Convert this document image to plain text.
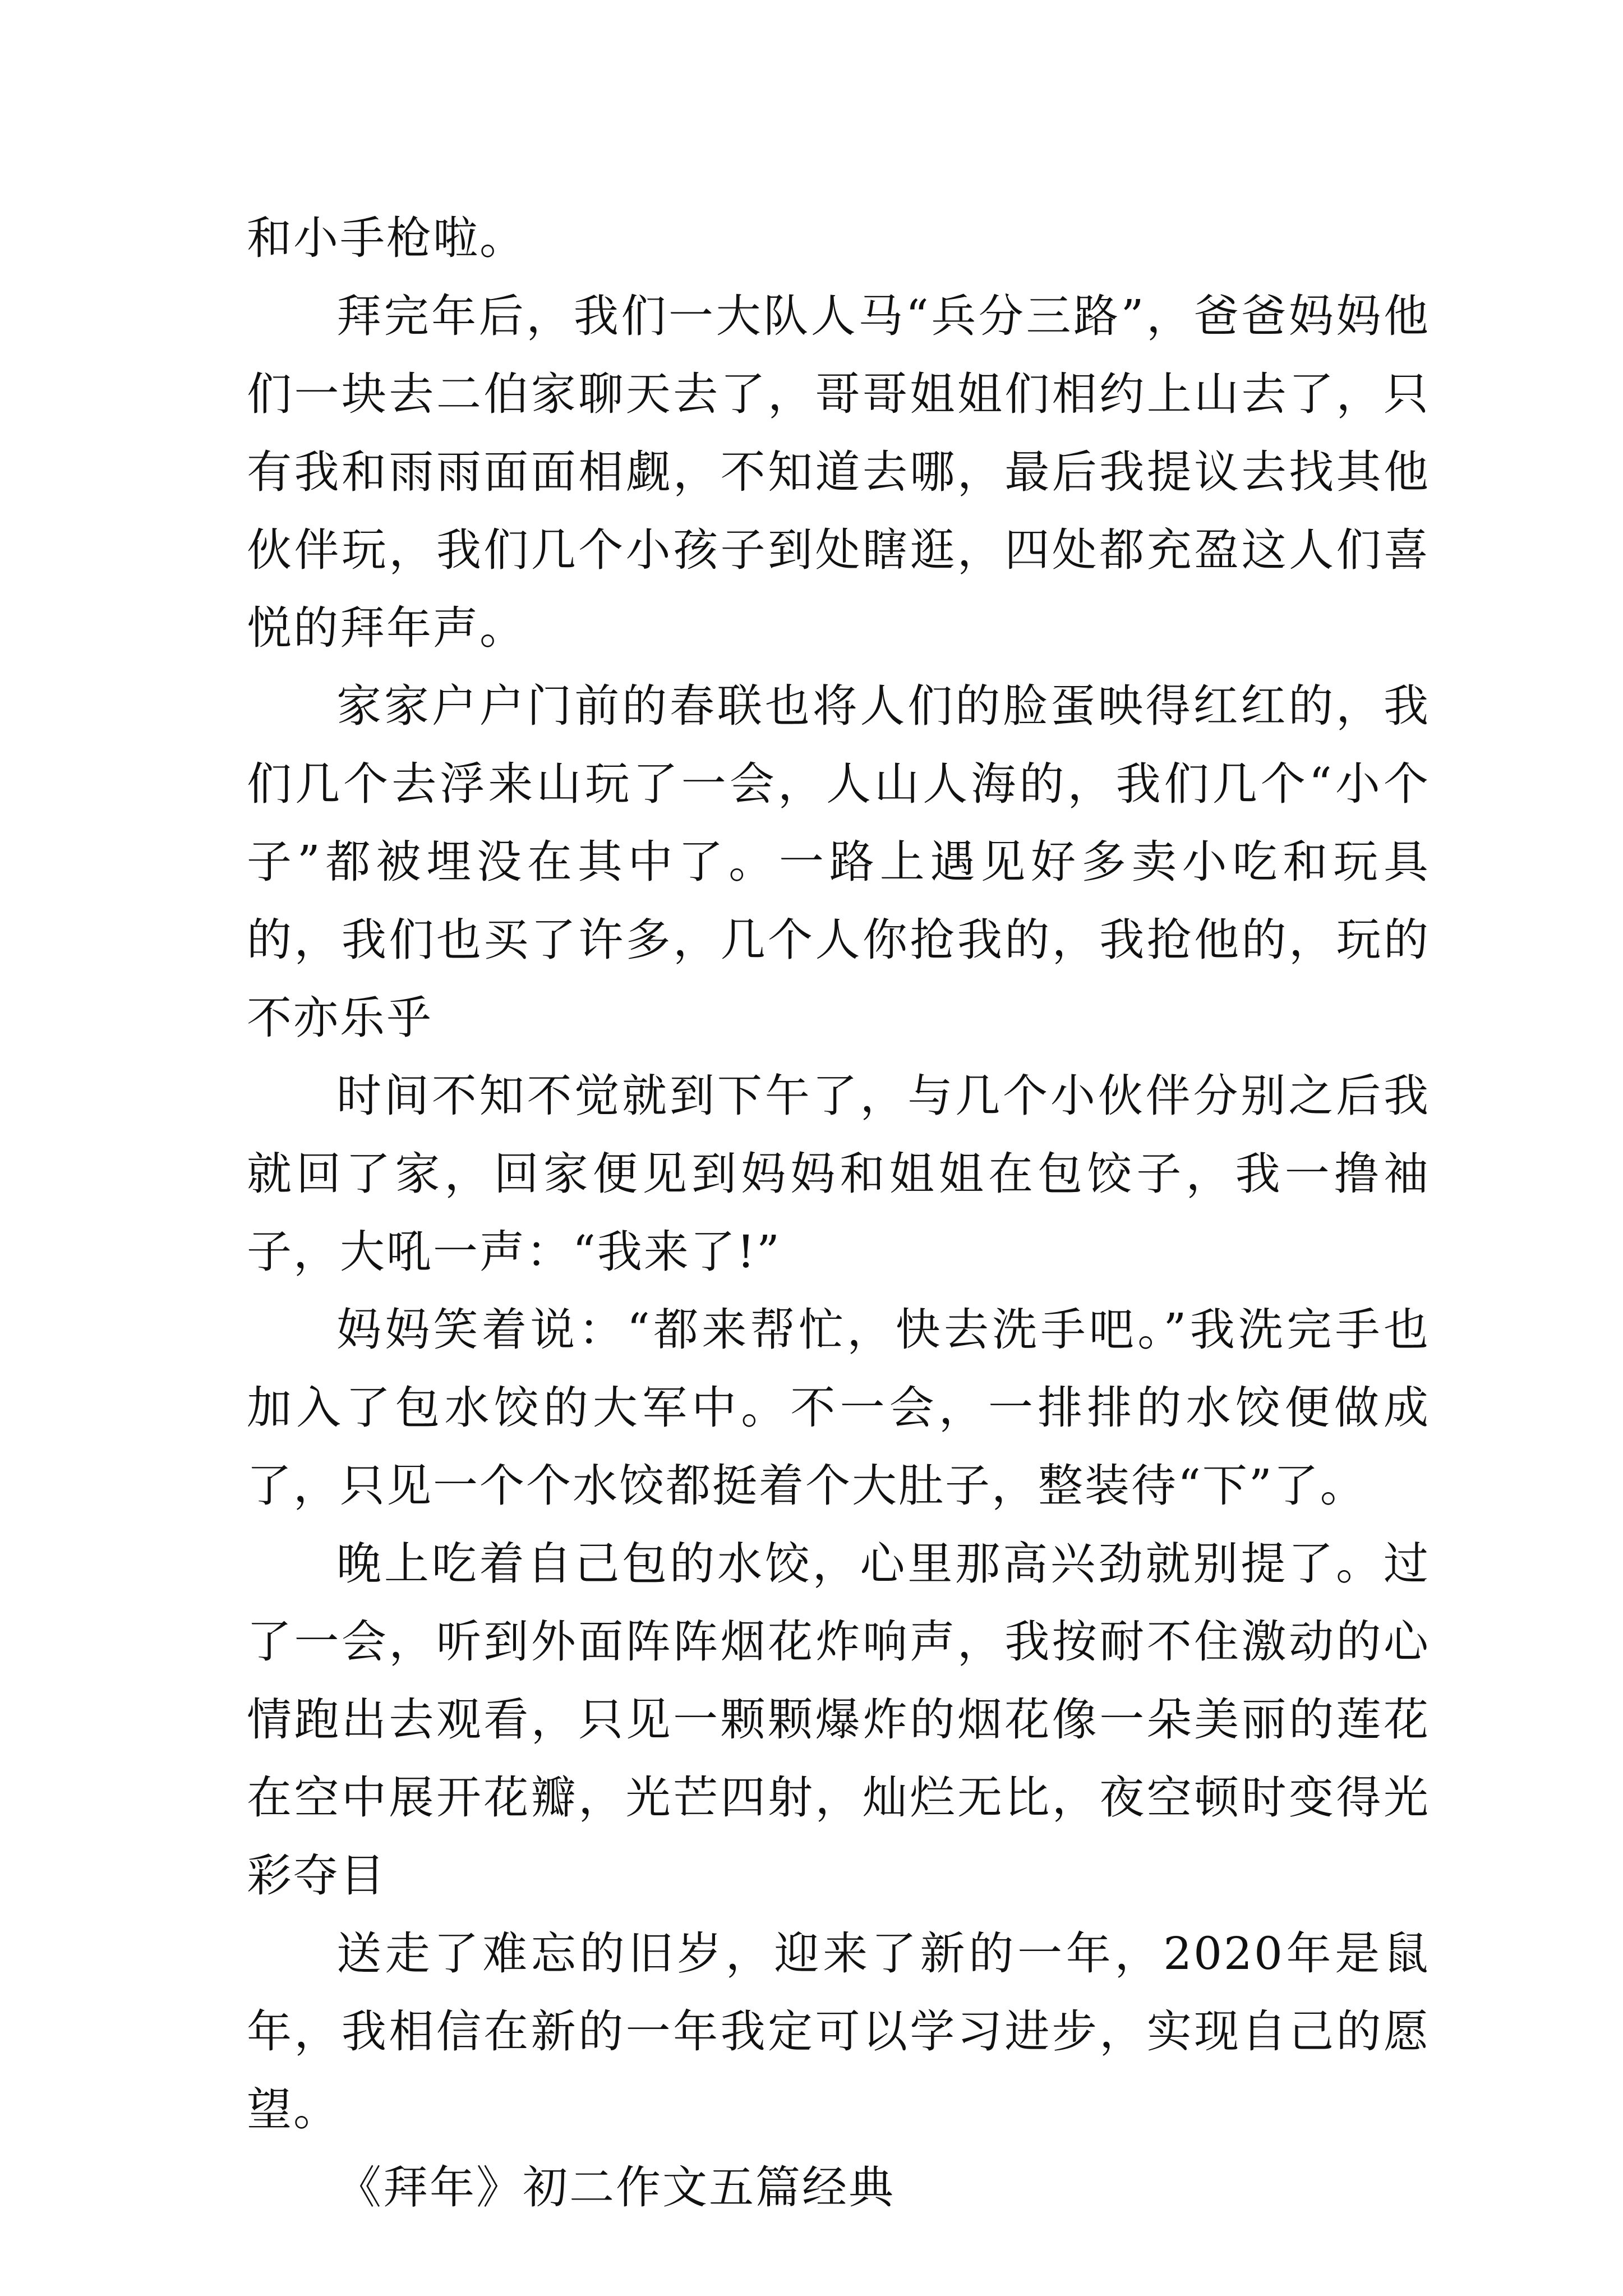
和小手枪啦。

拜完年后，我们一大队人马“兵分三路”，爸爸妈妈他们一块去二伯家聊天去了，哥哥姐姐们相约上山去了，只有我和雨雨面面相觑，不知道去哪，最后我提议去找其他伙伴玩，我们几个小孩子到处瞎逛，四处都充盈这人们喜悦的拜年声。

家家户户门前的春联也将人们的脸蛋映得红红的，我们几个去浮来山玩了一会，人山人海的，我们几个“小个子”都被埋没在其中了。一路上遇见好多卖小吃和玩具的，我们也买了许多，几个人你抢我的，我抢他的，玩的不亦乐乎

时间不知不觉就到下午了，与几个小伙伴分别之后我就回了家，回家便见到妈妈和姐姐在包饺子，我一撸袖子，大吼一声：“我来了!”

妈妈笑着说：“都来帮忙，快去洗手吧。”我洗完手也加入了包水饺的大军中。不一会，一排排的水饺便做成了，只见一个个水饺都挺着个大肚子，整装待“下”了。

晚上吃着自己包的水饺，心里那高兴劲就别提了。过了一会，听到外面阵阵烟花炸响声，我按耐不住激动的心情跑出去观看，只见一颗颗爆炸的烟花像一朵美丽的莲花在空中展开花瓣，光芒四射，灿烂无比，夜空顿时变得光彩夺目

送走了难忘的旧岁，迎来了新的一年，2020年是鼠年，我相信在新的一年我定可以学习进步，实现自己的愿望。

《拜年》初二作文五篇经典
